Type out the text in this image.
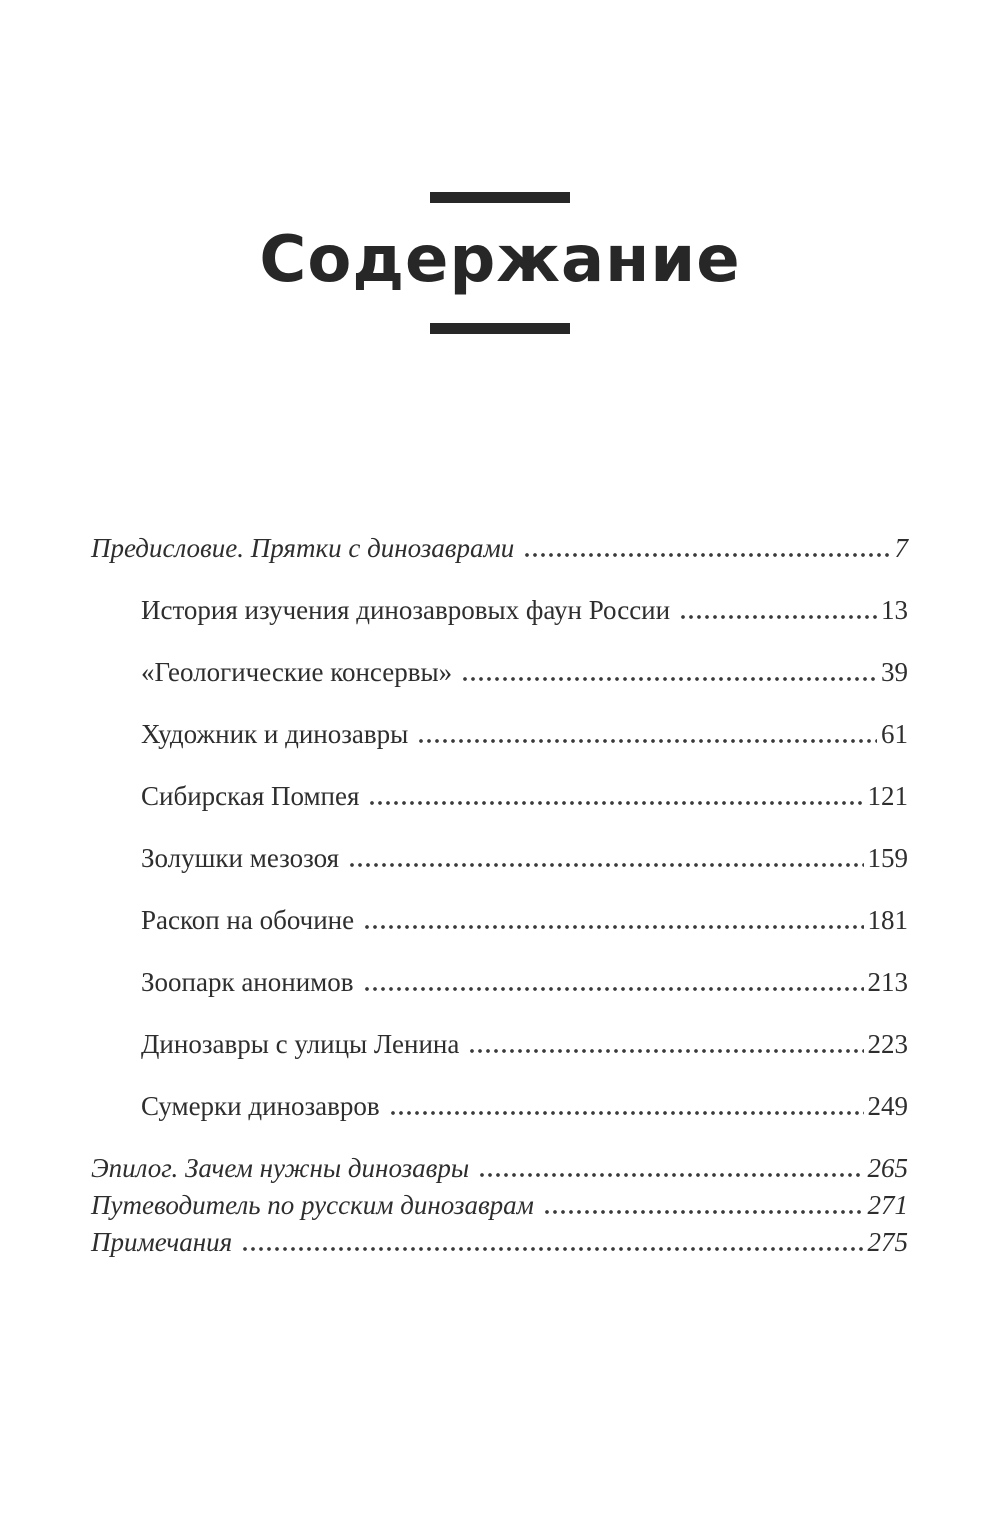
Содержание
Предисловие. Прятки с динозаврами	7
История изучения динозавровых фаун России	13
«Геологические консервы»	39
Художник и динозавры	61
Сибирская Помпея	121
Золушки мезозоя	159
Раскоп на обочине	181
Зоопарк анонимов	213
Динозавры с улицы Ленина	223
Сумерки динозавров	249
Эпилог. Зачем нужны динозавры	265
Путеводитель по русским динозаврам	271
Примечания	275
